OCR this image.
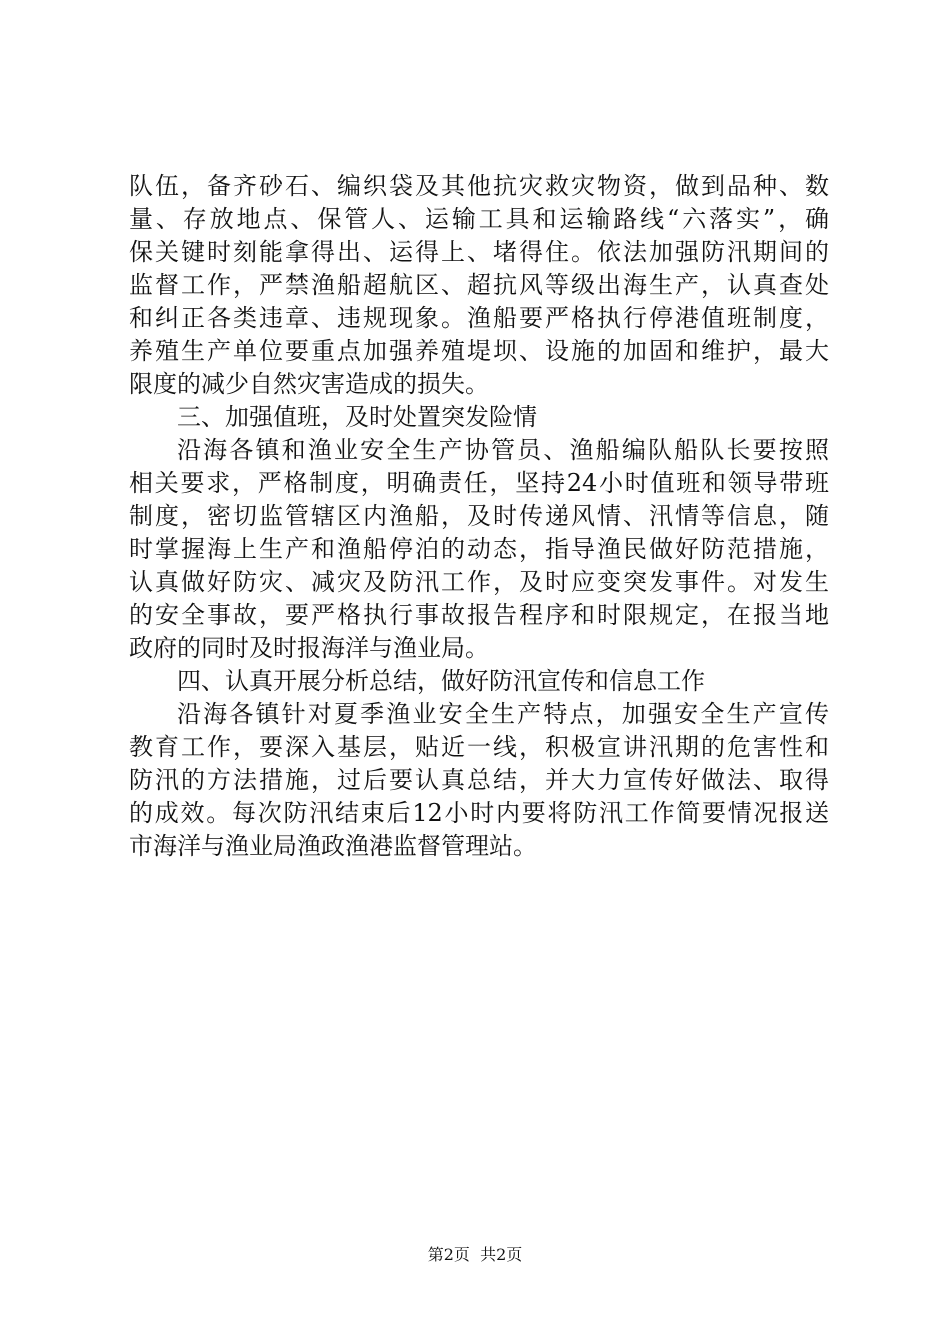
队伍，备齐砂石、编织袋及其他抗灾救灾物资，做到品种、数
量、存放地点、保管人、运输工具和运输路线“六落实”，确
保关键时刻能拿得出、运得上、堵得住。依法加强防汛期间的
监督工作，严禁渔船超航区、超抗风等级出海生产，认真查处
和纠正各类违章、违规现象。渔船要严格执行停港值班制度，
养殖生产单位要重点加强养殖堤坝、设施的加固和维护，最大
限度的减少自然灾害造成的损失。

三、加强值班，及时处置突发险情

沿海各镇和渔业安全生产协管员、渔船编队船队长要按照
相关要求，严格制度，明确责任，坚持24小时值班和领导带班
制度，密切监管辖区内渔船，及时传递风情、汛情等信息，随
时掌握海上生产和渔船停泊的动态，指导渔民做好防范措施，
认真做好防灾、减灾及防汛工作，及时应变突发事件。对发生
的安全事故，要严格执行事故报告程序和时限规定，在报当地
政府的同时及时报海洋与渔业局。

四、认真开展分析总结，做好防汛宣传和信息工作

沿海各镇针对夏季渔业安全生产特点，加强安全生产宣传
教育工作，要深入基层，贴近一线，积极宣讲汛期的危害性和
防汛的方法措施，过后要认真总结，并大力宣传好做法、取得
的成效。每次防汛结束后12小时内要将防汛工作简要情况报送
市海洋与渔业局渔政渔港监督管理站。

第2页  共2页
